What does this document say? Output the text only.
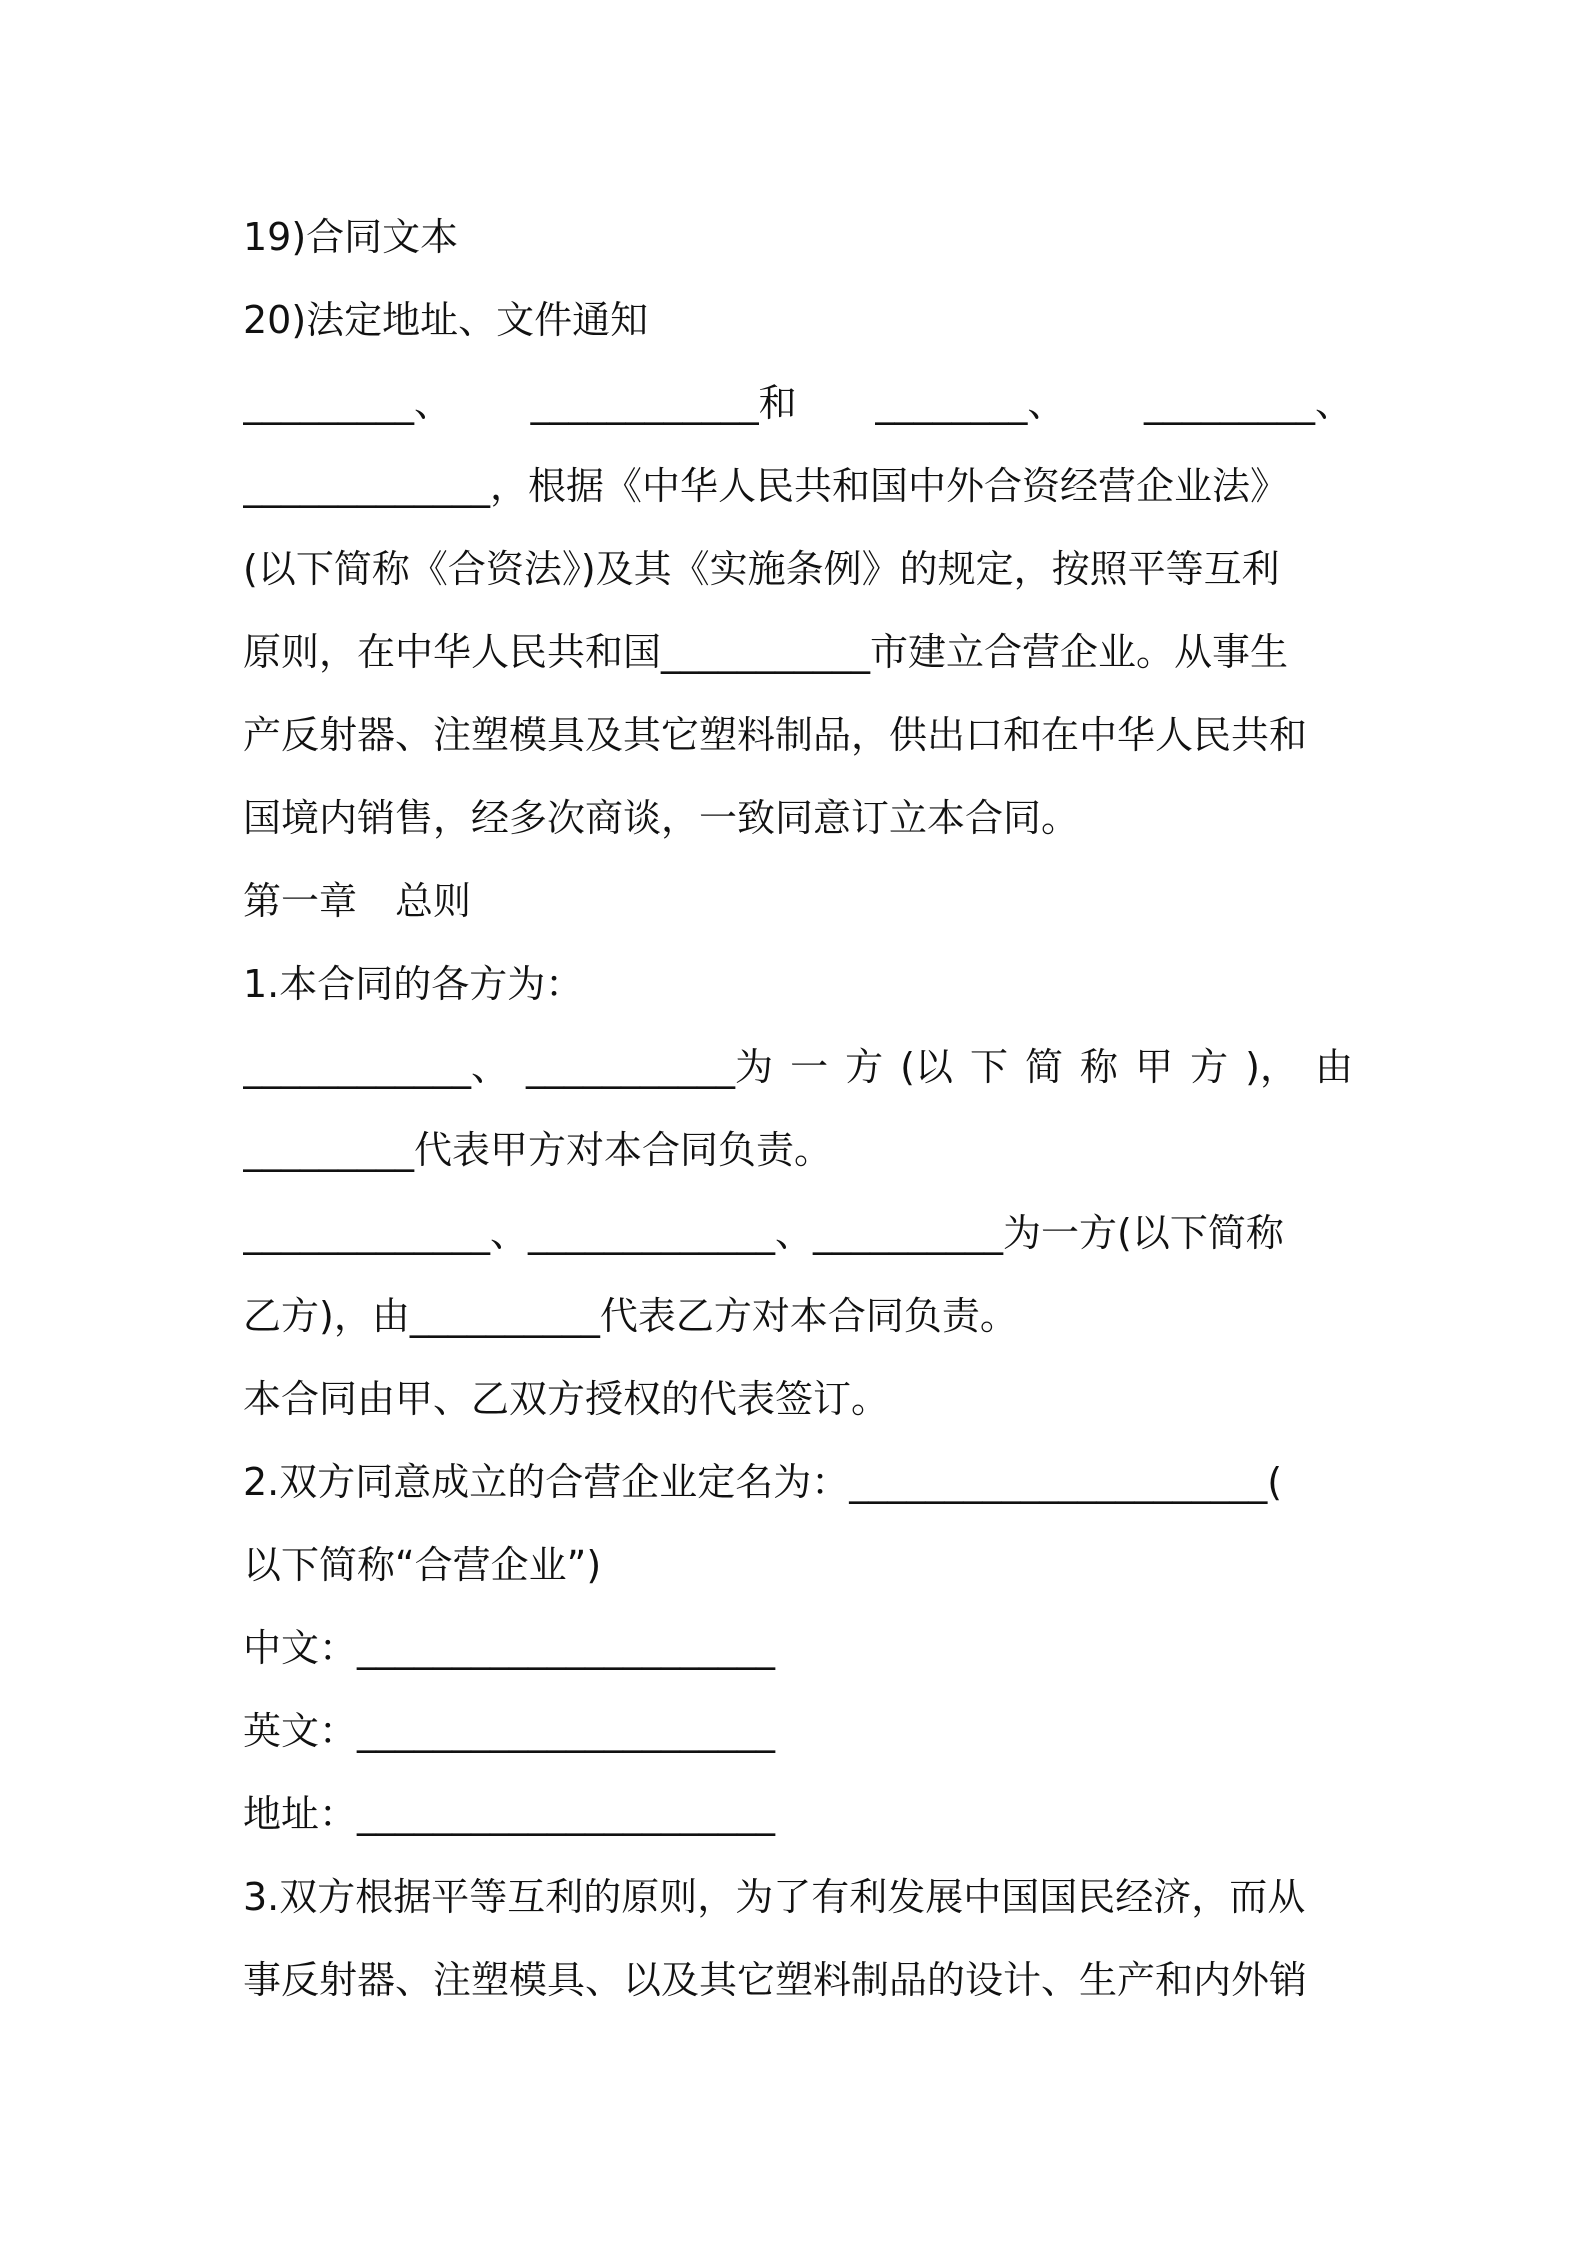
19)合同文本
20)法定地址、文件通知
_________、 ____________和 ________、 _________、
_____________，根据《中华人民共和国中外合资经营企业法》
(以下简称《合资法》)及其《实施条例》的规定，按照平等互利
原则，在中华人民共和国___________市建立合营企业。从事生
产反射器、注塑模具及其它塑料制品，供出口和在中华人民共和
国境内销售，经多次商谈，一致同意订立本合同。
第一章　总则
1.本合同的各方为：
____________、 ___________为 一 方 (以 下 简 称 甲 方 )， 由
_________代表甲方对本合同负责。
_____________、_____________、__________为一方(以下简称
乙方)，由__________代表乙方对本合同负责。
本合同由甲、乙双方授权的代表签订。
2.双方同意成立的合营企业定名为：______________________(
以下简称“合营企业”)
中文：______________________
英文：______________________
地址：______________________
3.双方根据平等互利的原则，为了有利发展中国国民经济，而从
事反射器、注塑模具、以及其它塑料制品的设计、生产和内外销
